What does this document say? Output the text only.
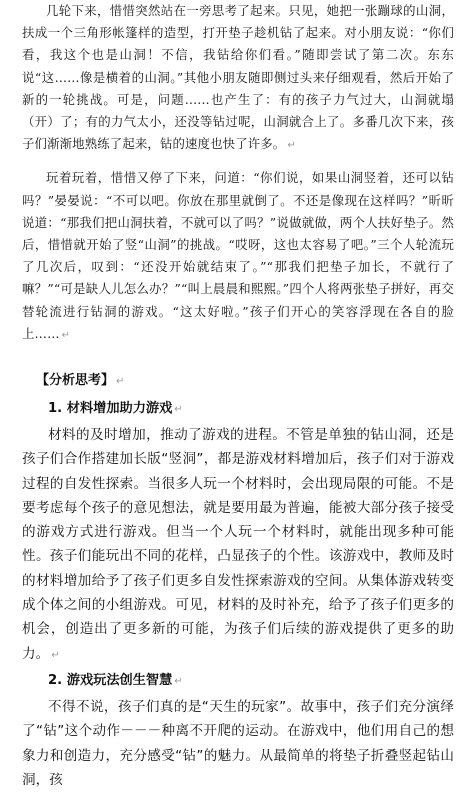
几轮下来，惜惜突然站在一旁思考了起来。只见，她把一张蹦球的山洞，扶成一个三角形帐篷样的造型，打开垫子趁机钻了起来。对小朋友说：“你们看，我这个也是山洞！不信，我钻给你们看。”随即尝试了第二次。东东说“这……像是横着的山洞。”其他小朋友随即侧过头来仔细观看，然后开始了新的一轮挑战。可是，问题……也产生了：有的孩子力气过大，山洞就塌（开）了；有的力气太小，还没等钻过呢，山洞就合上了。多番几次下来，孩子们渐渐地熟练了起来，钻的速度也快了许多。 ↵

玩着玩着，惜惜又停了下来，问道：“你们说，如果山洞竖着，还可以钻吗？”晏晏说：“不可以吧。你放在那里就倒了。不还是像现在这样吗？”昕昕说道：“那我们把山洞扶着，不就可以了吗？”说做就做，两个人扶好垫子。然后，惜惜就开始了竖“山洞”的挑战。“哎呀，这也太容易了吧。”三个人轮流玩了几次后，叹到：“还没开始就结束了。”“那我们把垫子加长，不就行了嘛？”“可是缺人儿怎么办？”“叫上晨晨和熙熙。”四个人将两张垫子拼好，再交替轮流进行钻洞的游戏。“这太好啦。”孩子们开心的笑容浮现在各自的脸上…… ↵

【分析思考】 ↵

1. 材料增加助力游戏 ↵

材料的及时增加，推动了游戏的进程。不管是单独的钻山洞，还是孩子们合作搭建加长版“竖洞”，都是游戏材料增加后，孩子们对于游戏过程的自发性探索。当很多人玩一个材料时，会出现局限的可能。不是要考虑每个孩子的意见想法，就是要用最为普遍，能被大部分孩子接受的游戏方式进行游戏。但当一个人玩一个材料时，就能出现多种可能性。孩子们能玩出不同的花样，凸显孩子的个性。该游戏中，教师及时的材料增加给予了孩子们更多自发性探索游戏的空间。从集体游戏转变成个体之间的小组游戏。可见，材料的及时补充，给予了孩子们更多的机会，创造出了更多新的可能，为孩子们后续的游戏提供了更多的助力。 ↵

2. 游戏玩法创生智慧 ↵

不得不说，孩子们真的是“天生的玩家”。故事中，孩子们充分演绎了“钻”这个动作－－－种离不开爬的运动。在游戏中，他们用自己的想象力和创造力，充分感受“钻”的魅力。从最简单的将垫子折叠竖起钻山洞，孩
